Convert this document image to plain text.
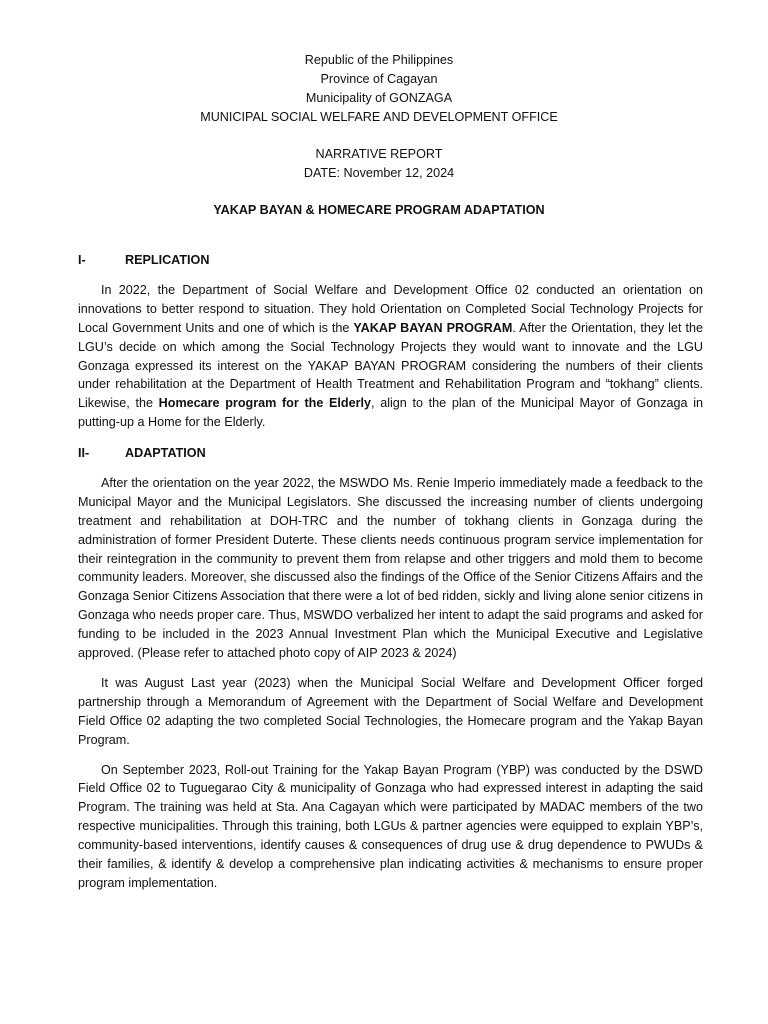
Republic of the Philippines
Province of Cagayan
Municipality of GONZAGA
MUNICIPAL SOCIAL WELFARE AND DEVELOPMENT OFFICE
NARRATIVE REPORT
DATE: November 12, 2024
YAKAP BAYAN & HOMECARE PROGRAM ADAPTATION
I-	REPLICATION

In 2022, the Department of Social Welfare and Development Office 02 conducted an orientation on innovations to better respond to situation. They hold Orientation on Completed Social Technology Projects for Local Government Units and one of which is the YAKAP BAYAN PROGRAM. After the Orientation, they let the LGU’s decide on which among the Social Technology Projects they would want to innovate and the LGU Gonzaga expressed its interest on the YAKAP BAYAN PROGRAM considering the numbers of their clients under rehabilitation at the Department of Health Treatment and Rehabilitation Program and “tokhang” clients. Likewise, the Homecare program for the Elderly, align to the plan of the Municipal Mayor of Gonzaga in putting-up a Home for the Elderly.

II-	ADAPTATION

After the orientation on the year 2022, the MSWDO Ms. Renie Imperio immediately made a feedback to the Municipal Mayor and the Municipal Legislators. She discussed the increasing number of clients undergoing treatment and rehabilitation at DOH-TRC and the number of tokhang clients in Gonzaga during the administration of former President Duterte. These clients needs continuous program service implementation for their reintegration in the community to prevent them from relapse and other triggers and mold them to become community leaders. Moreover, she discussed also the findings of the Office of the Senior Citizens Affairs and the Gonzaga Senior Citizens Association that there were a lot of bed ridden, sickly and living alone senior citizens in Gonzaga who needs proper care. Thus, MSWDO verbalized her intent to adapt the said programs and asked for funding to be included in the 2023 Annual Investment Plan which the Municipal Executive and Legislative approved. (Please refer to attached photo copy of AIP 2023 & 2024)

It was August Last year (2023) when the Municipal Social Welfare and Development Officer forged partnership through a Memorandum of Agreement with the Department of Social Welfare and Development Field Office 02 adapting the two completed Social Technologies, the Homecare program and the Yakap Bayan Program.

On September 2023, Roll-out Training for the Yakap Bayan Program (YBP) was conducted by the DSWD Field Office 02 to Tuguegarao City & municipality of Gonzaga who had expressed interest in adapting the said Program. The training was held at Sta. Ana Cagayan which were participated by MADAC members of the two respective municipalities. Through this training, both LGUs & partner agencies were equipped to explain YBP’s, community-based interventions, identify causes & consequences of drug use & drug dependence to PWUDs & their families, & identify & develop a comprehensive plan indicating activities & mechanisms to ensure proper program implementation.
